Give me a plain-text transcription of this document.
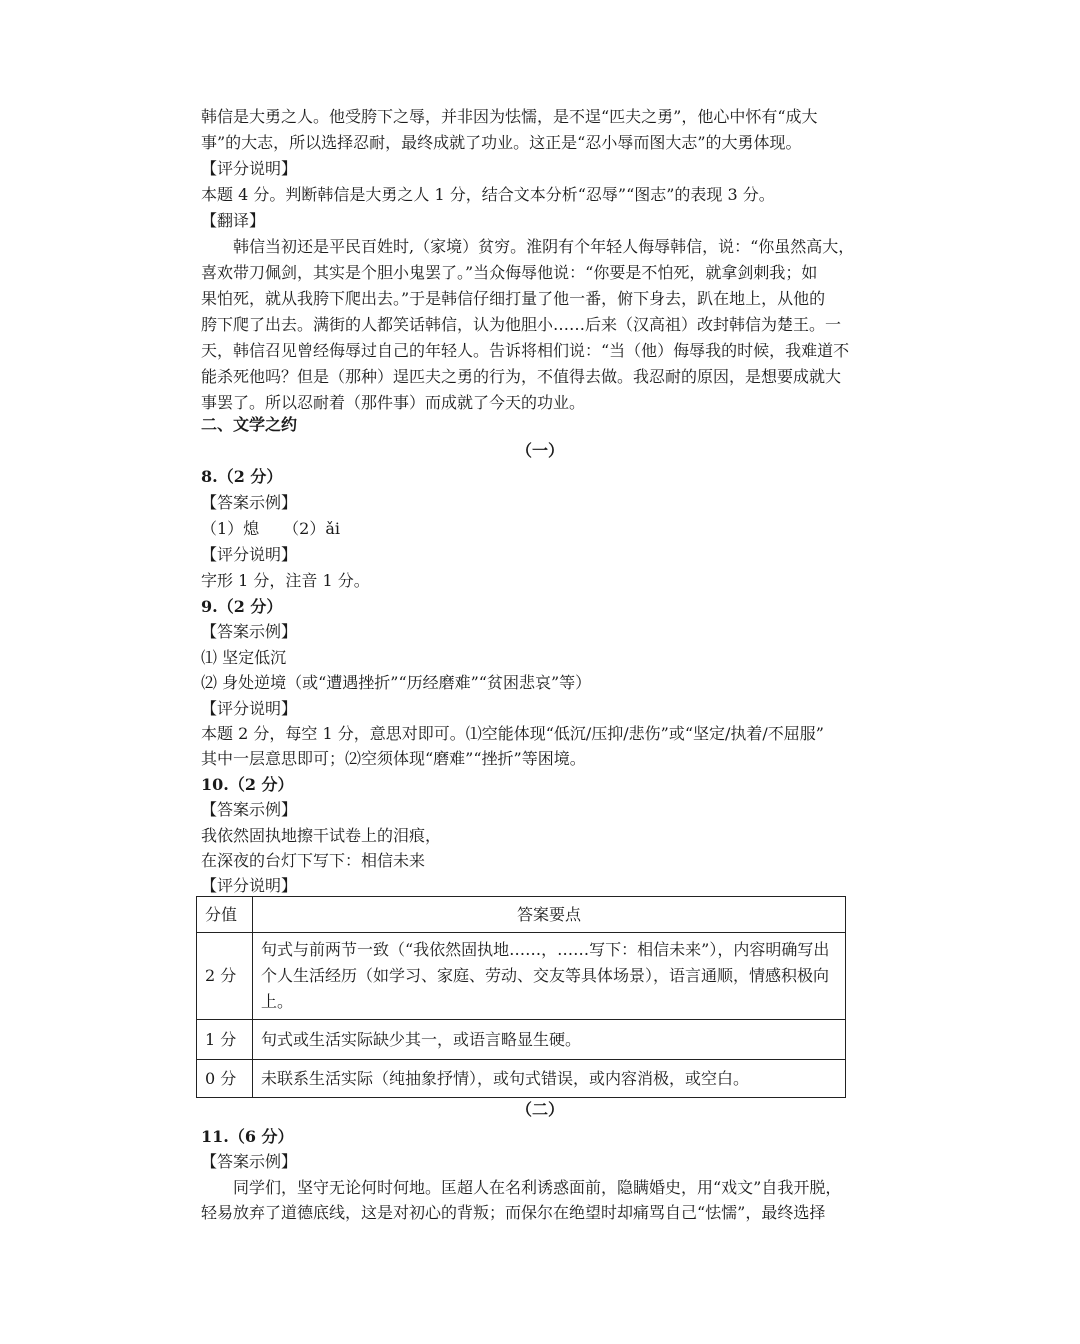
韩信是大勇之人。他受胯下之辱，并非因为怯懦，是不逞“匹夫之勇”，他心中怀有“成大
事”的大志，所以选择忍耐，最终成就了功业。这正是“忍小辱而图大志”的大勇体现。
【评分说明】
本题 4 分。判断韩信是大勇之人 1 分，结合文本分析“忍辱”“图志”的表现 3 分。
【翻译】
韩信当初还是平民百姓时,（家境）贫穷。淮阴有个年轻人侮辱韩信，说：“你虽然高大，
喜欢带刀佩剑，其实是个胆小鬼罢了。”当众侮辱他说：“你要是不怕死，就拿剑刺我；如
果怕死，就从我胯下爬出去。”于是韩信仔细打量了他一番，俯下身去，趴在地上，从他的
胯下爬了出去。满街的人都笑话韩信，认为他胆小……后来（汉高祖）改封韩信为楚王。一
天，韩信召见曾经侮辱过自己的年轻人。告诉将相们说：“当（他）侮辱我的时候，我难道不
能杀死他吗？但是（那种）逞匹夫之勇的行为，不值得去做。我忍耐的原因，是想要成就大
事罢了。所以忍耐着（那件事）而成就了今天的功业。
二、文学之约
（一）
8.（2 分）
【答案示例】
（1）熄　　（2）ǎi
【评分说明】
字形 1 分，注音 1 分。
9.（2 分）
【答案示例】
⑴ 坚定低沉
⑵ 身处逆境（或“遭遇挫折”“历经磨难”“贫困悲哀”等）
【评分说明】
本题 2 分，每空 1 分，意思对即可。⑴空能体现“低沉/压抑/悲伤”或“坚定/执着/不屈服”
其中一层意思即可；⑵空须体现“磨难”“挫折”等困境。
10.（2 分）
【答案示例】
我依然固执地擦干试卷上的泪痕，
在深夜的台灯下写下：相信未来
【评分说明】
分值	答案要点
2 分	句式与前两节一致（“我依然固执地……，……写下：相信未来”），内容明确写出个人生活经历（如学习、家庭、劳动、交友等具体场景），语言通顺，情感积极向上。
1 分	句式或生活实际缺少其一，或语言略显生硬。
0 分	未联系生活实际（纯抽象抒情），或句式错误，或内容消极，或空白。
（二）
11.（6 分）
【答案示例】
同学们，坚守无论何时何地。匡超人在名利诱惑面前，隐瞒婚史，用“戏文”自我开脱，
轻易放弃了道德底线，这是对初心的背叛；而保尔在绝望时却痛骂自己“怯懦”，最终选择
